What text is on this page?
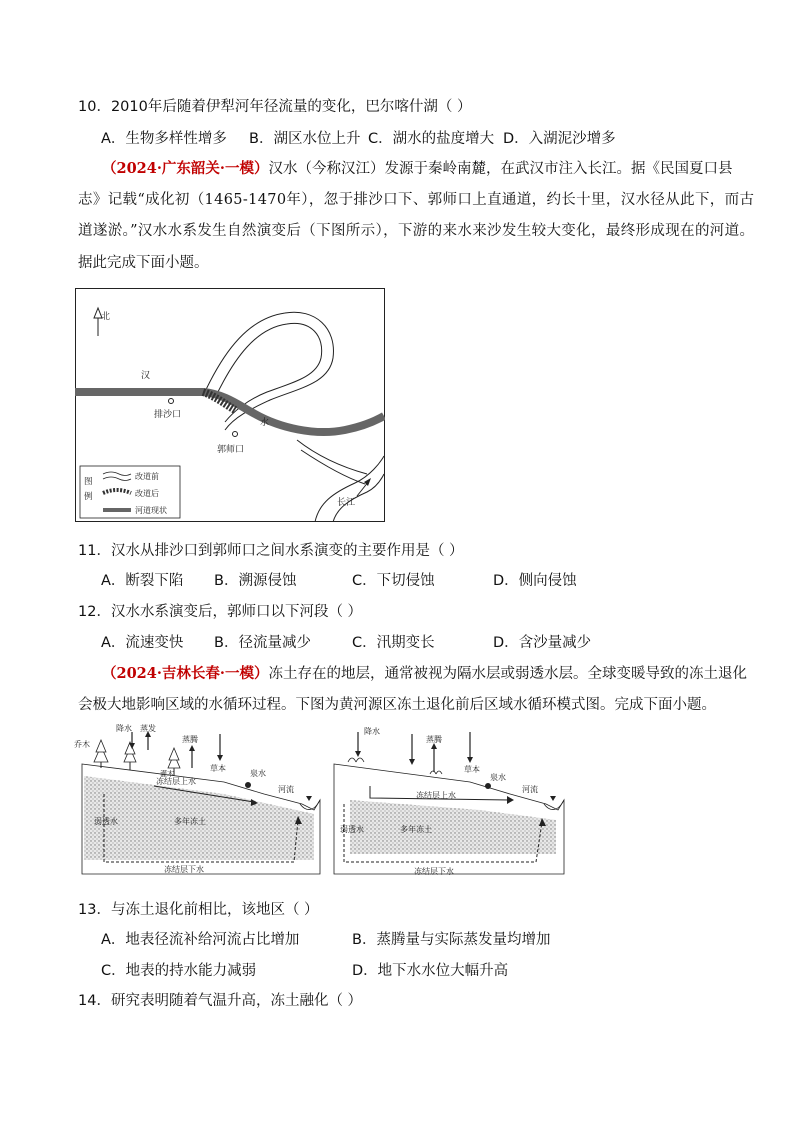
10．2010年后随着伊犁河年径流量的变化，巴尔喀什湖（ ）
A．生物多样性增多 B．湖区水位上升 C．湖水的盐度增大 D．入湖泥沙增多
（2024·广东韶关·一模）汉水（今称汉江）发源于秦岭南麓，在武汉市注入长江。据《民国夏口县
志》记载“成化初（1465-1470年），忽于排沙口下、郭师口上直通道，约长十里，汉水径从此下，而古
道遂淤。”汉水水系发生自然演变后（下图所示），下游的来水来沙发生较大变化，最终形成现在的河道。
据此完成下面小题。
北
汉
水
排沙口
郭师口
长江
图
例
改道前
改道后
河道现状
11．汉水从排沙口到郭师口之间水系演变的主要作用是（ ）
A．断裂下陷 B．溯源侵蚀	C．下切侵蚀	D．侧向侵蚀
12．汉水水系演变后，郭师口以下河段（ ）
A．流速变快 B．径流量减少	C．汛期变长	D．含沙量减少
（2024·吉林长春·一模）冻土存在的地层，通常被视为隔水层或弱透水层。全球变暖导致的冻土退化
会极大地影响区域的水循环过程。下图为黄河源区冻土退化前后区域水循环模式图。完成下面小题。
乔木
降水 蒸发
蒸腾
草本
灌木	泉水
河流
冻结层上水
弱透水	多年冻土
冻结层下水
降水
蒸腾
草本
泉水
河流
冻结层上水
弱透水	多年冻土
冻结层下水
13．与冻土退化前相比，该地区（ ）
A．地表径流补给河流占比增加	B．蒸腾量与实际蒸发量均增加
C．地表的持水能力减弱	D．地下水水位大幅升高
14．研究表明随着气温升高，冻土融化（ ）
